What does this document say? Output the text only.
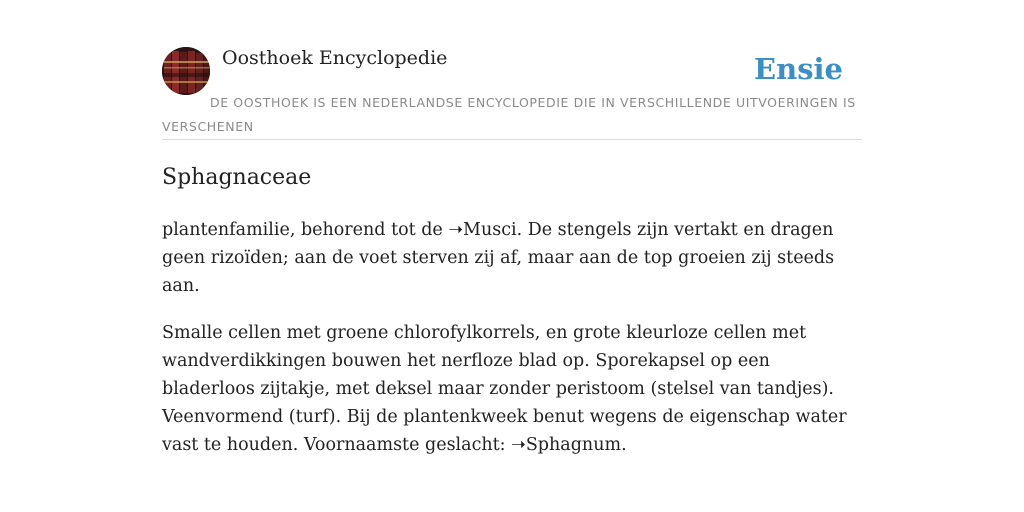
Oosthoek Encyclopedie	Ensie
DE OOSTHOEK IS EEN NEDERLANDSE ENCYCLOPEDIE DIE IN VERSCHILLENDE UITVOERINGEN IS VERSCHENEN
Sphagnaceae

plantenfamilie, behorend tot de ➝Musci. De stengels zijn vertakt en dragen geen rizoïden; aan de voet sterven zij af, maar aan de top groeien zij steeds aan.

Smalle cellen met groene chlorofylkorrels, en grote kleurloze cellen met wandverdikkingen bouwen het nerfloze blad op. Sporekapsel op een bladerloos zijtakje, met deksel maar zonder peristoom (stelsel van tandjes). Veenvormend (turf). Bij de plantenkweek benut wegens de eigenschap water vast te houden. Voornaamste geslacht: ➝Sphagnum.
